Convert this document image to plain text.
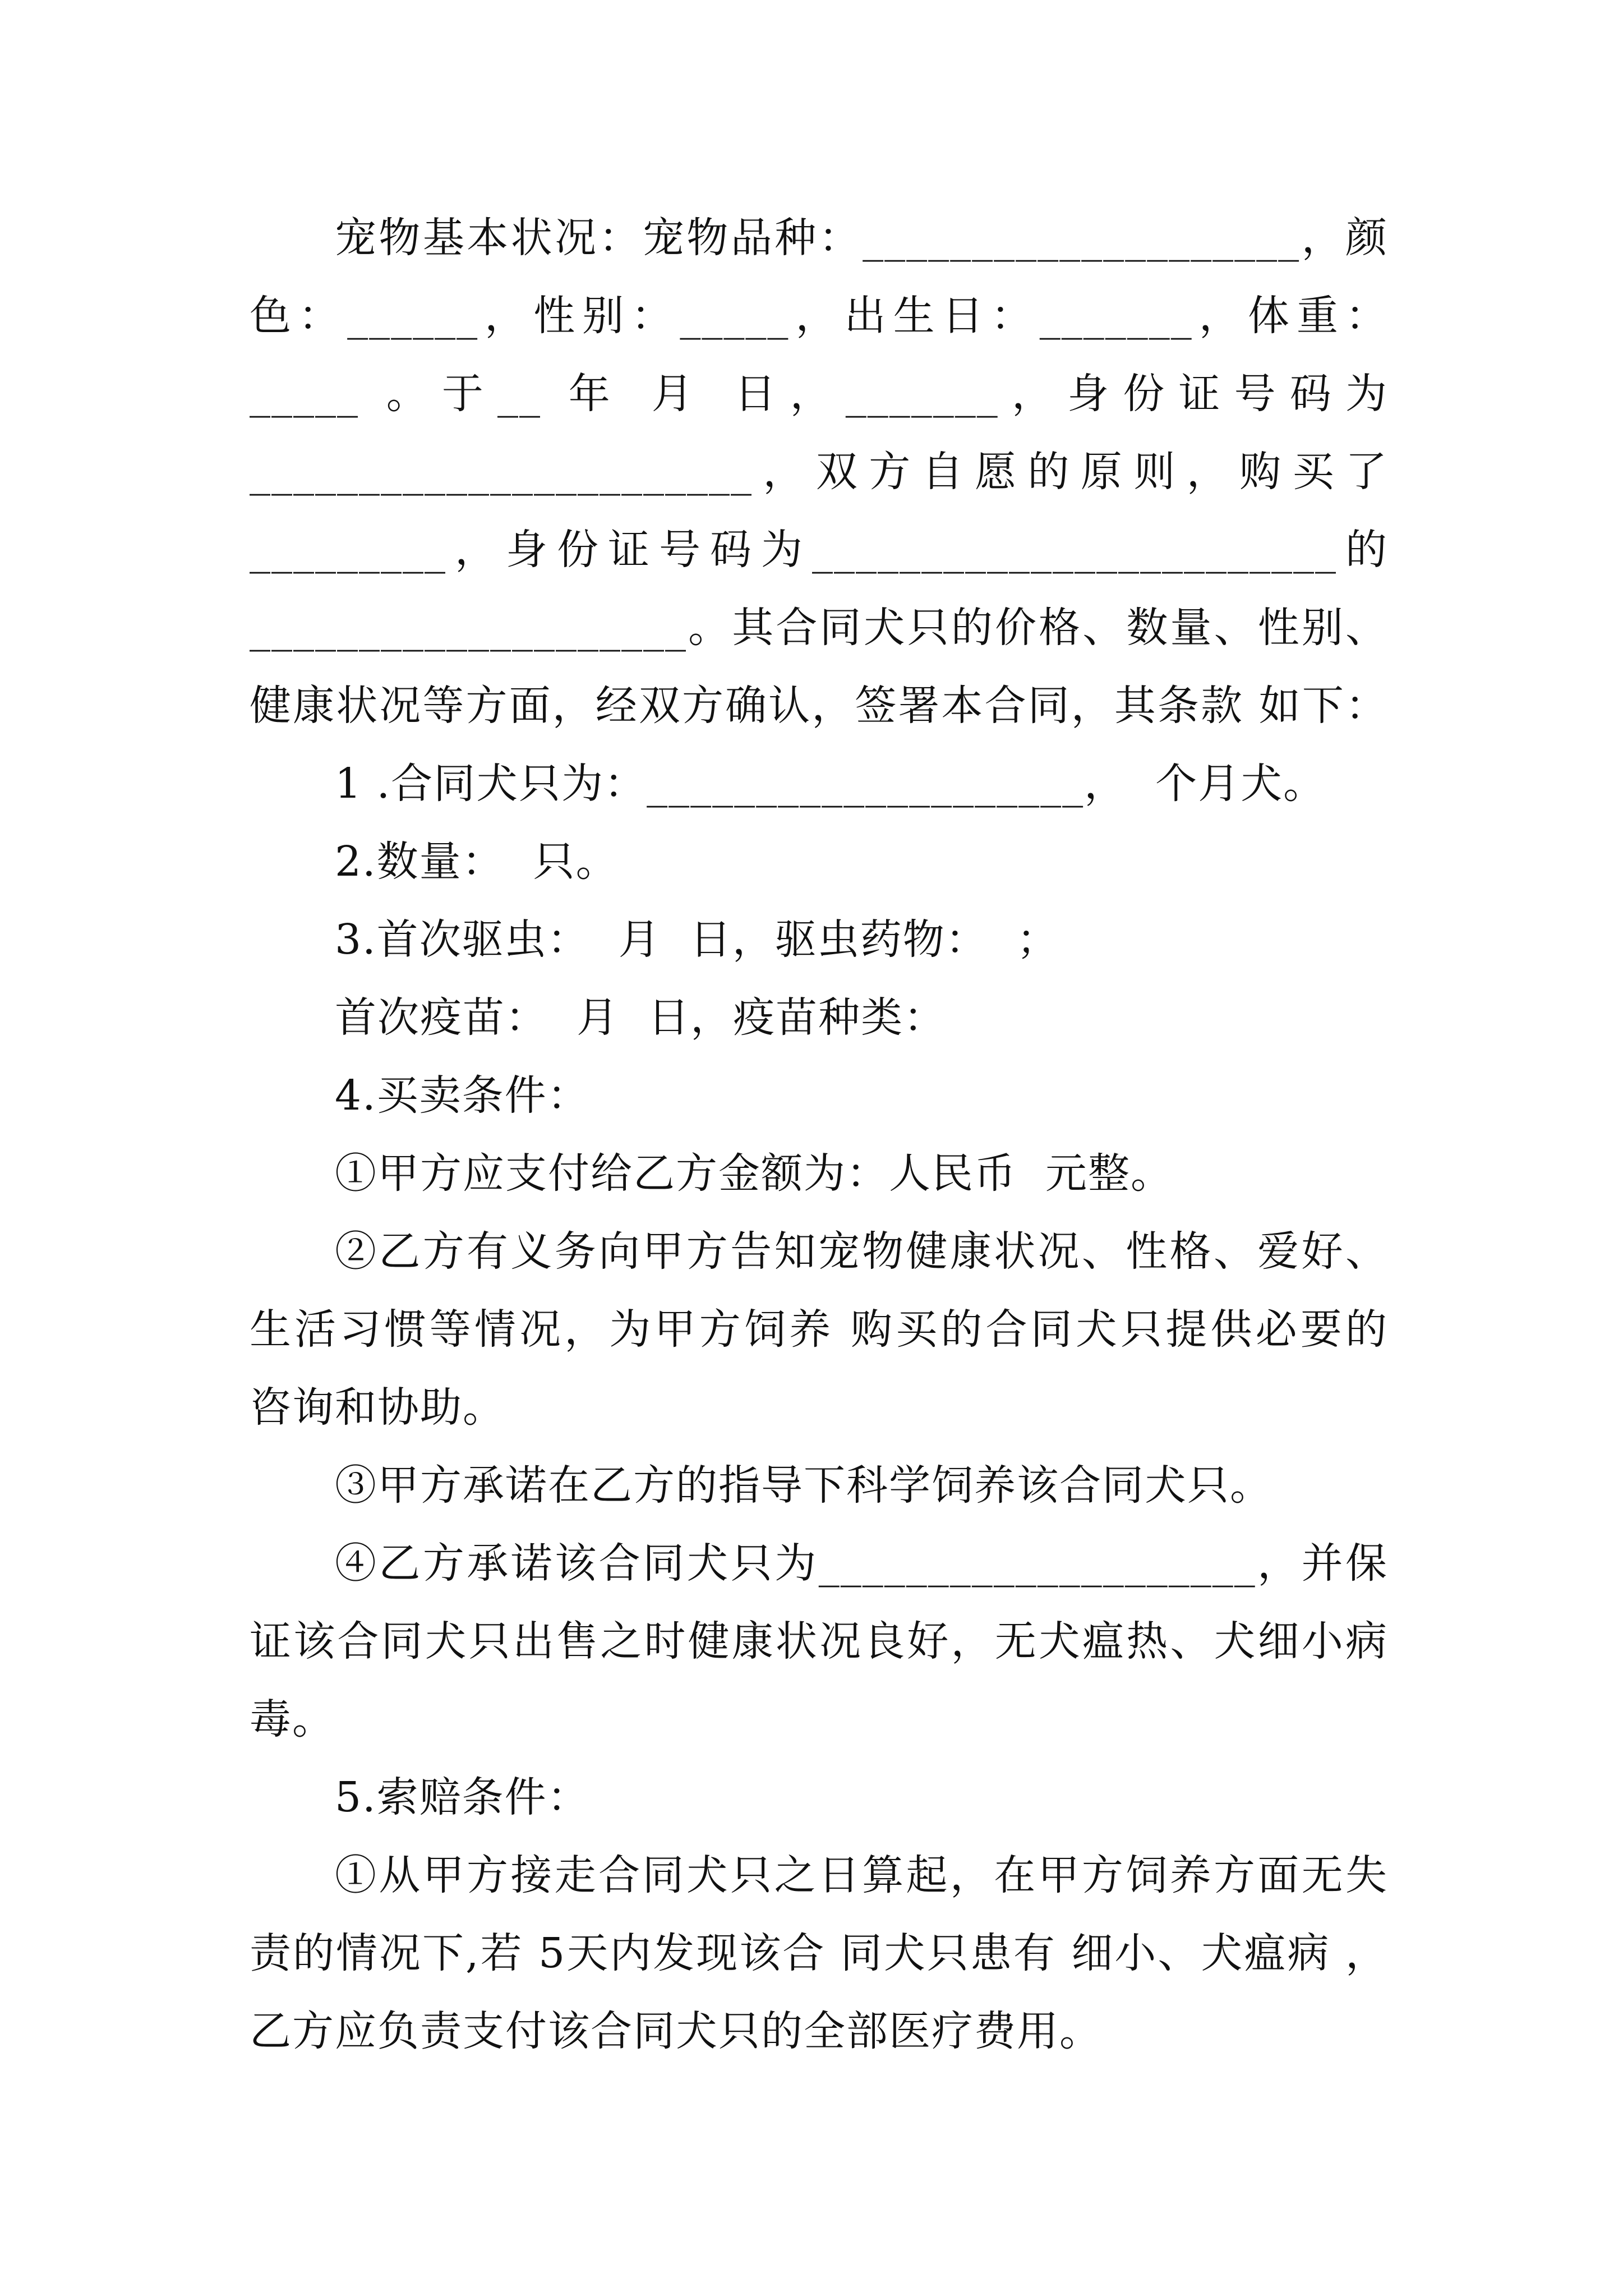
宠物基本状况：宠物品种：____________________，颜
色：______，性别：_____，出生日：_______，体重：
_____ 。于__ 年 月 日，_______，身份证号码为
_______________________，双方自愿的原则，购买了
_________，身份证号码为________________________的
____________________。其合同犬只的价格、数量、性别、
健康状况等方面，经双方确认，签署本合同，其条款 如下：
1 .合同犬只为：____________________，  个月犬。
2.数量：  只。
3.首次驱虫：  月  日，驱虫药物：  ；
首次疫苗：  月  日，疫苗种类：
4.买卖条件：
①甲方应支付给乙方金额为：人民币  元整。
②乙方有义务向甲方告知宠物健康状况、性格、爱好、
生活习惯等情况，为甲方饲养 购买的合同犬只提供必要的
咨询和协助。
③甲方承诺在乙方的指导下科学饲养该合同犬只。
④乙方承诺该合同犬只为____________________，并保
证该合同犬只出售之时健康状况良好，无犬瘟热、犬细小病
毒。
5.索赔条件：
①从甲方接走合同犬只之日算起，在甲方饲养方面无失
责的情况下,若 5天内发现该合 同犬只患有 细小、犬瘟病 ，
乙方应负责支付该合同犬只的全部医疗费用。
